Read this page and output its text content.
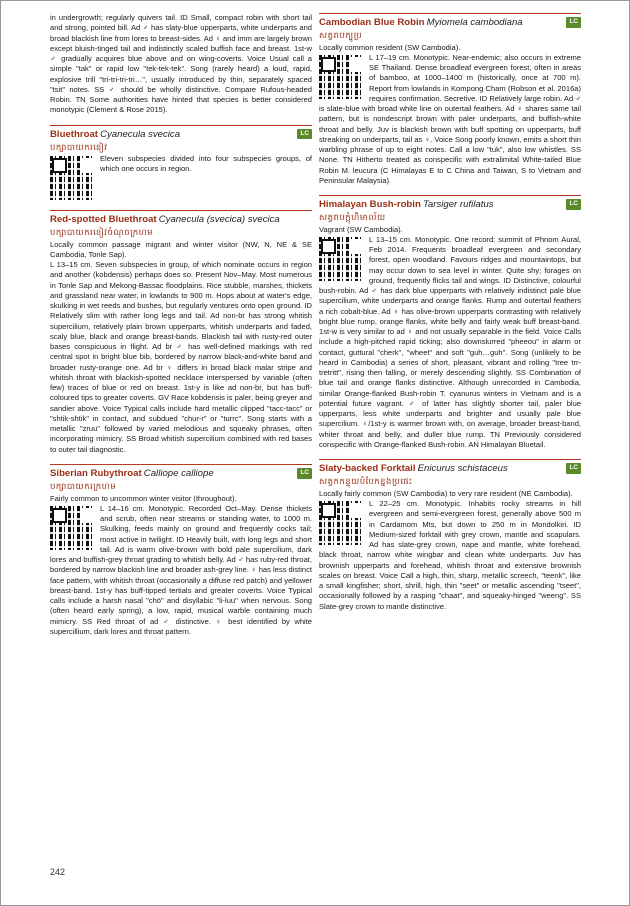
in undergrowth; regularly quivers tail. ID Small, compact robin with short tail and strong, pointed bill. Ad ♂ has slaty-blue upperparts, white underparts and broad blackish line from lores to breast-sides. Ad ♀ and imm are largely brown except bluish-tinged tail and indistinctly scaled buffish face and breast. 1st-w ♂ gradually acquires blue above and on wing-coverts. Voice Usual call a simple "tak" or rapid low "tek-tek-tek". Song (rarely heard) a loud, rapid, explosive trill "tri-tri-tri-tri…", usually introduced by thin, separately spaced "tsit" notes. SS ♂ should be wholly distinctive. Compare Rufous-headed Robin. TN Some authorities have hinted that species is better considered monotypic (Clement & Rose 2015).

Bluethroat Cyanecula svecica	LC
បក្សាបាយករខៀវ

Eleven subspecies divided into four subspecies groups, of which one occurs in region.

Red-spotted Bluethroat Cyanecula (svecica) svecica
បក្សាបាយករខៀវចំណុចក្រហម

Locally common passage migrant and winter visitor (NW, N, NE & SE Cambodia, Tonle Sap).

L 13–15 cm. Seven subspecies in group, of which nominate occurs in region and another (kobdensis) perhaps does so. Present Nov–May. Most numerous in Tonle Sap and Mekong-Bassac floodplains. Rice stubble, marshes, thickets and grassland near water, in lowlands to 900 m. Hops about at water's edge, skulking in wet reeds and bushes, but regularly ventures onto open ground. ID Relatively slim with rather long legs and tail. Ad non-br has strong whitish supercilium, relatively plain brown upperparts, whitish underparts and faded, scaly blue, black and orange breast-bands. Blackish tail with rusty-red outer bases conspicuous in flight. Ad br ♂ has well-defined markings with red central spot in bright blue bib, bordered by narrow black-and-white band and broader rusty-orange one. Ad br ♀ differs in broad black malar stripe and whitish throat with blackish-spotted necklace interspersed by variable (often few) traces of blue or red on breast. 1st-y is like ad non-br, but has buff-coloured tips to greater coverts. GV Race kobdensis is paler, being greyer and sandier above. Voice Typical calls include hard metallic clipped "tacc-tacc" or "shtik-shtik" in contact, and subdued "chur-r" or "turrc". Song starts with a metallic "zruu" followed by varied melodious and squeaky phrases, often incorporating mimicry. SS Broad whitish supercilium combined with red bases to outer tail diagnostic.

Siberian Rubythroat Calliope calliope	LC
បក្សាបាយករក្រហម

Fairly common to uncommon winter visitor (throughout).

L 14–16 cm. Monotypic. Recorded Oct–May. Dense thickets and scrub, often near streams or standing water, to 1000 m. Skulking, feeds mainly on ground and frequently cocks tail; most active in twilight. ID Heavily built, with long legs and short tail. Ad is warm olive-brown with bold pale supercilium, dark lores and buffish-grey throat grading to whitish belly. Ad ♂ has ruby-red throat, bordered by narrow blackish line and broader ash-grey line. ♀ has less distinct face pattern, with whitish throat (occasionally a diffuse red patch) and yellower breast-band. 1st-y has buff-tipped tertials and greater coverts. Voice Typical calls include a harsh nasal "chö" and disyllabic "li-luu" when nervous. Song (often heard early spring), a low, rapid, musical warble containing much mimicry. SS Red throat of ad ♂ distinctive. ♀ best identified by white supercillium, dark lores and throat pattern.

Cambodian Blue Robin Myiomela cambodiana	LC
សត្វរាបក្បូប្រ

Locally common resident (SW Cambodia).

L 17–19 cm. Monotypic. Near-endemic; also occurs in extreme SE Thailand. Dense broadleaf evergreen forest, often in areas of bamboo, at 1000–1400 m (historically, once at 700 m). Report from lowlands in Kompong Cham (Robson et al. 2016a) requires confirmation. Secretive. ID Relatively large robin. Ad ♂ is slate-blue with broad white line on outertail feathers. Ad ♀ shares same tail pattern, but is nondescript brown with paler underparts, and buffish-white throat and belly. Juv is blackish brown with buff spotting on upperparts, buff streaking on underparts, tail as ♀. Voice Song poorly known, emits a short thin warbling phrase of up to eight notes. Call a low "tuk", also low whistles. SS None. TN Hitherto treated as conspecific with extralimital White-tailed Blue Robin M. leucura (C Himalayas E to C China and Taiwan, S to Vietnam and Peninsular Malaysia).

Himalayan Bush-robin Tarsiger rufilatus	LC
សត្វរាបក្ពុំហិមាល័យ

Vagrant (SW Cambodia).

L 13–15 cm. Monotypic. One record: summit of Phnom Aural, Feb 2014. Frequents broadleaf evergreen and secondary forest, open woodland. Favours ridges and mountaintops, but may occur down to sea level in winter. Quite shy; forages on ground, frequently flicks tail and wings. ID Distinctive, colourful bush-robin. Ad ♂ has dark blue upperparts with relatively indistinct pale blue supercilium, white underparts and orange flanks. Rump and outertail feathers a rich cobalt-blue. Ad ♀ has olive-brown upperparts contrasting with relatively bright blue rump, orange flanks, white belly and fairly weak buff breast-band. 1st-w is very similar to ad ♀ and not usually separable in the field. Voice Calls include a high-pitched rapid ticking; also downslurred "pheeou" in alarm or contact, guttural "cherk", "wheet" and soft "guh…guh". Song (unlikely to be heard in Cambodia) a series of short, pleasant, vibrant and rolling "tree trr-tretritt", rising then falling, or merely descending slightly. SS Combination of blue tail and orange flanks distinctive. Although unrecorded in Cambodia, similar Orange-flanked Bush-robin T. cyanurus winters in Vietnam and is a potential future vagrant. ♂ of latter has slightly shorter tail, paler blue upperparts, less white underparts and brighter and usually pale blue supercilium. ♀/1st-y is warmer brown with, on average, broader breast-band, whiter throat and belly, and duller blue rump. TN Previously considered conspecific with Orange-flanked Bush-robin. AN Himalayan Bluetail.

Slaty-backed Forktail Enicurus schistaceus	LC
សត្វកកន្ទុយបំបែកខ្នងប្រផេះ

Locally fairly common (SW Cambodia) to very rare resident (NE Cambodia).

L 22–25 cm. Monotypic. Inhabits rocky streams in hill evergreen and semi-evergreen forest, generally above 500 m in Cardamom Mts, but down to 250 m in Mondolkiri. ID Medium-sized forktail with grey crown, mantle and scapulars. Ad has slate-grey crown, nape and mantle, white forehead, black throat, narrow white wingbar and clean white underparts. Juv has brownish upperparts and forehead, whitish throat and extensive brownish scales on breast. Voice Call a high, thin, sharp, metallic screech, "teenk", like a small kingfisher; short, shrill, high, thin "seet" or metallic ascending "tseet", occasionally followed by a rasping "chaat", and squeaky-hinged "weeng". SS Slate-grey crown to mantle distinctive.

242
